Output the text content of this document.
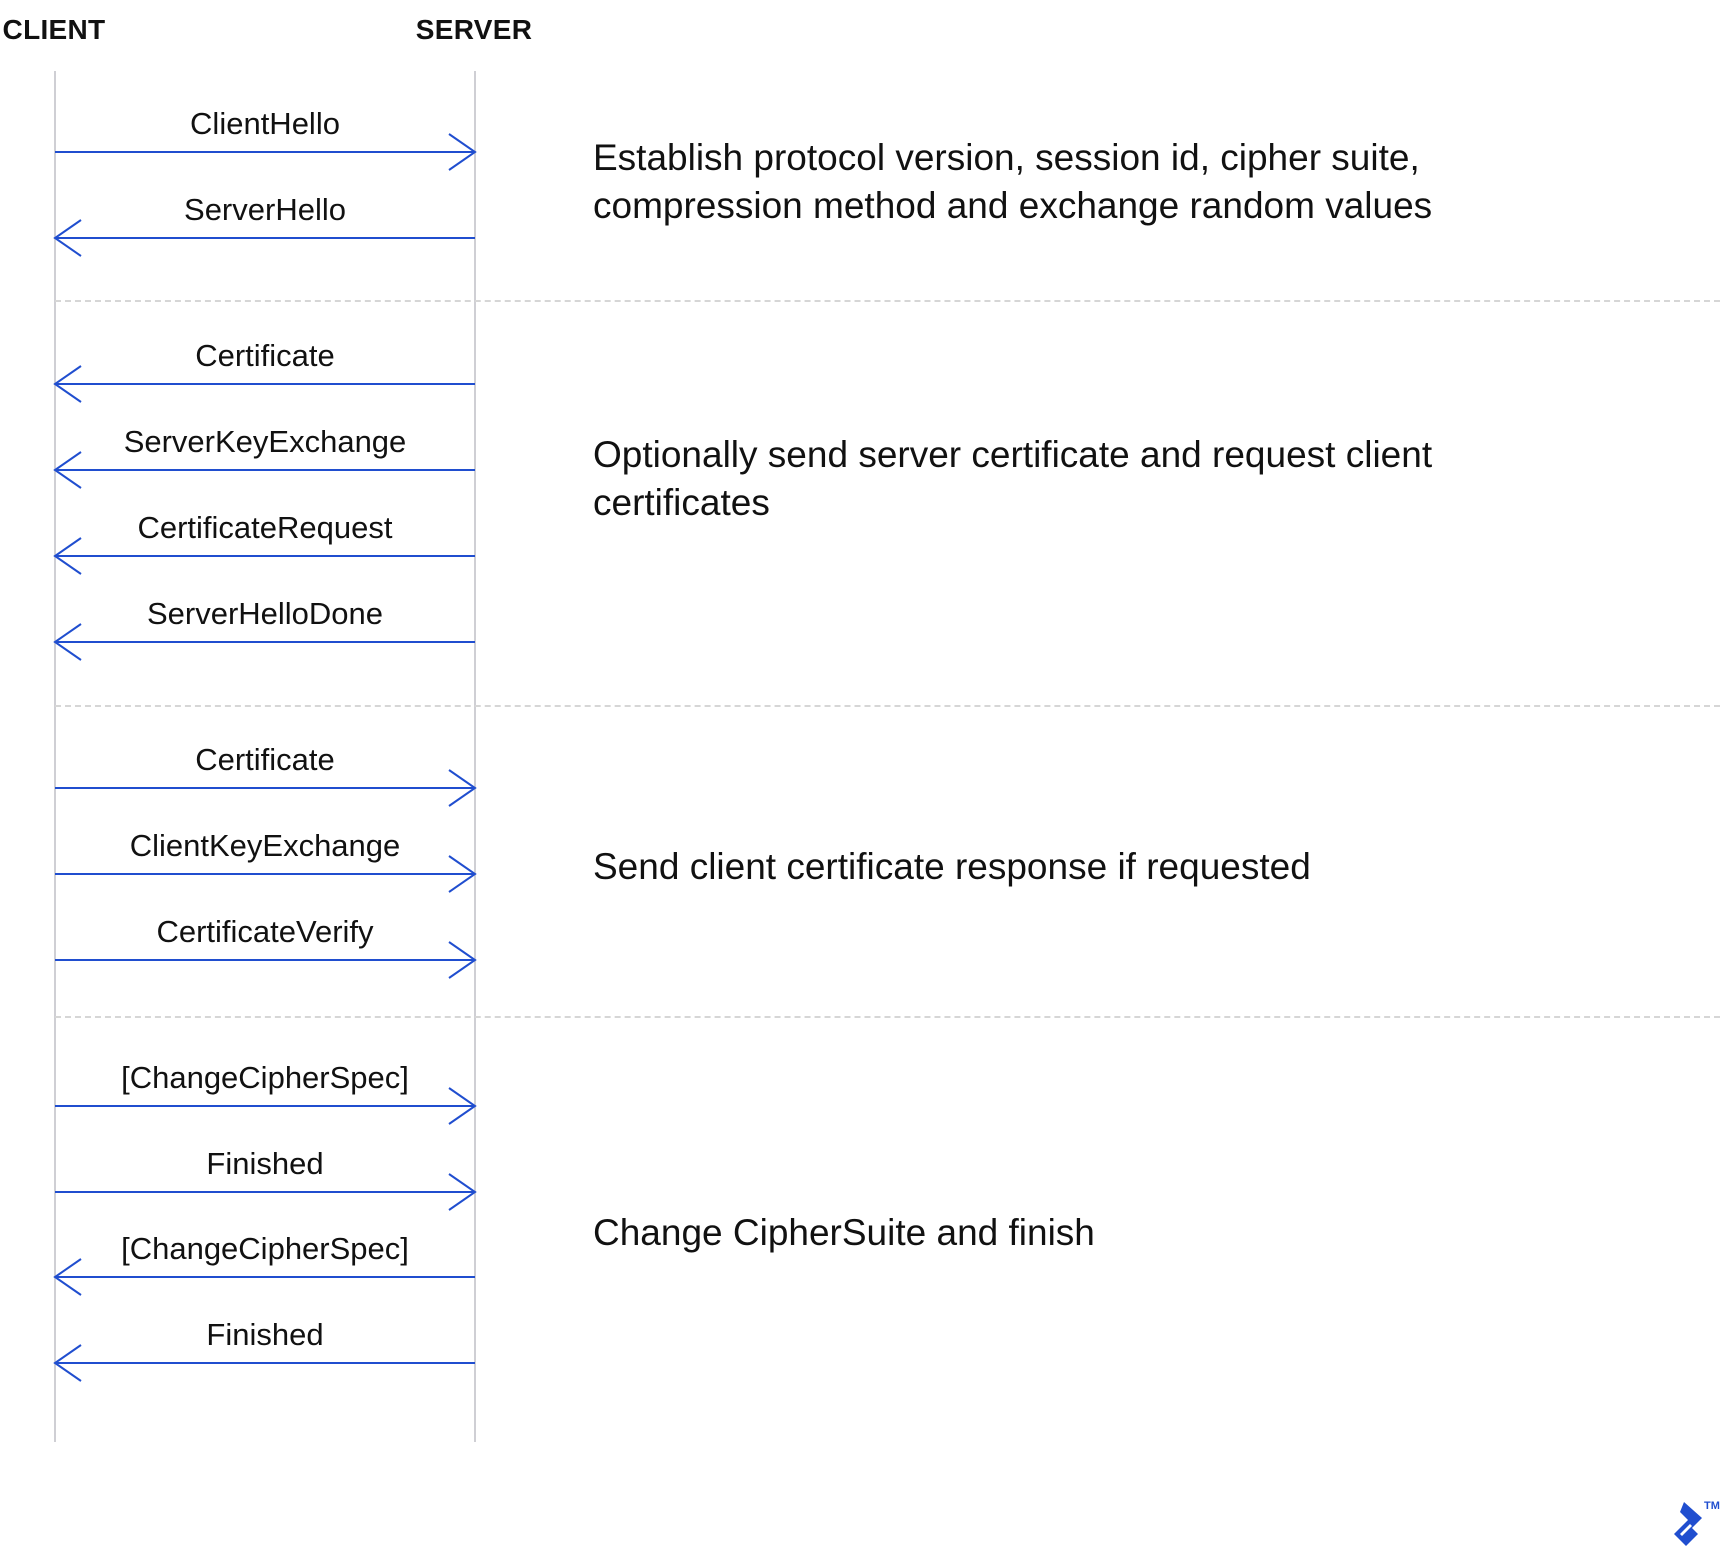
CLIENT	SERVER
ClientHello
ServerHello
Certificate
ServerKeyExchange
CertificateRequest
ServerHelloDone
Certificate
ClientKeyExchange
CertificateVerify
[ChangeCipherSpec]
Finished
[ChangeCipherSpec]
Finished
Establish protocol version, session id, cipher suite,
compression method and exchange random values
Optionally send server certificate and request client
certificates
Send client certificate response if requested
Change CipherSuite and finish
TM
